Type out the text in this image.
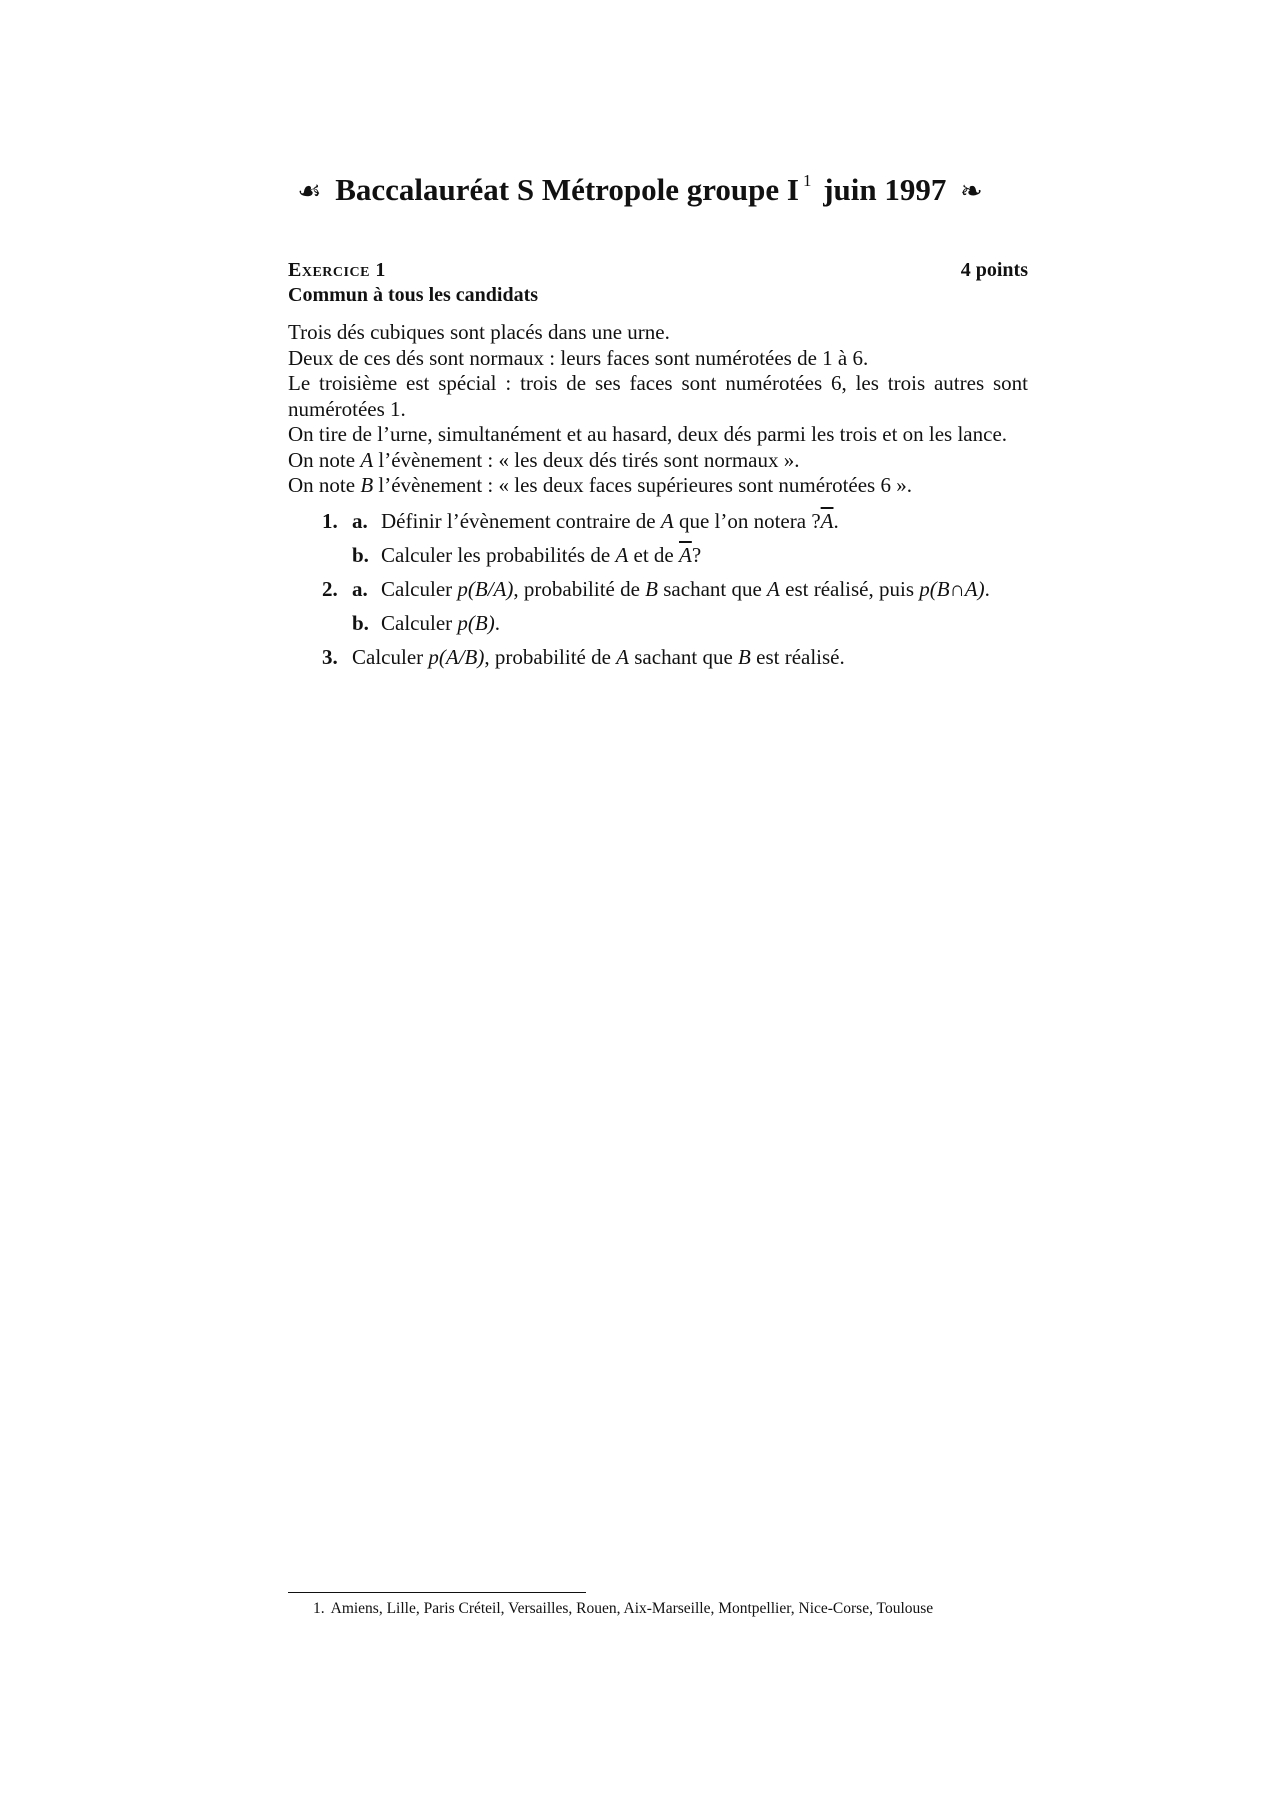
☙ Baccalauréat S Métropole groupe I $^1$ juin 1997 ❧
Exercice 1	4 points
Commun à tous les candidats

Trois dés cubiques sont placés dans une urne.

Deux de ces dés sont normaux : leurs faces sont numérotées de 1 à 6.

Le troisième est spécial : trois de ses faces sont numérotées 6, les trois autres sont numérotées 1.

On tire de l’urne, simultanément et au hasard, deux dés parmi les trois et on les lance.

On note A l’évènement : « les deux dés tirés sont normaux ».

On note B l’évènement : « les deux faces supérieures sont numérotées 6 ».

1. a. Définir l’évènement contraire de A que l’on notera $?\overline{A}$.
b. Calculer les probabilités de A et de $\overline{A}$?
2. a. Calculer p(B/A), probabilité de B sachant que A est réalisé, puis p(B∩A).
b. Calculer p(B).
3. Calculer p(A/B), probabilité de A sachant que B est réalisé.
1. Amiens, Lille, Paris Créteil, Versailles, Rouen, Aix-Marseille, Montpellier, Nice-Corse, Toulouse
